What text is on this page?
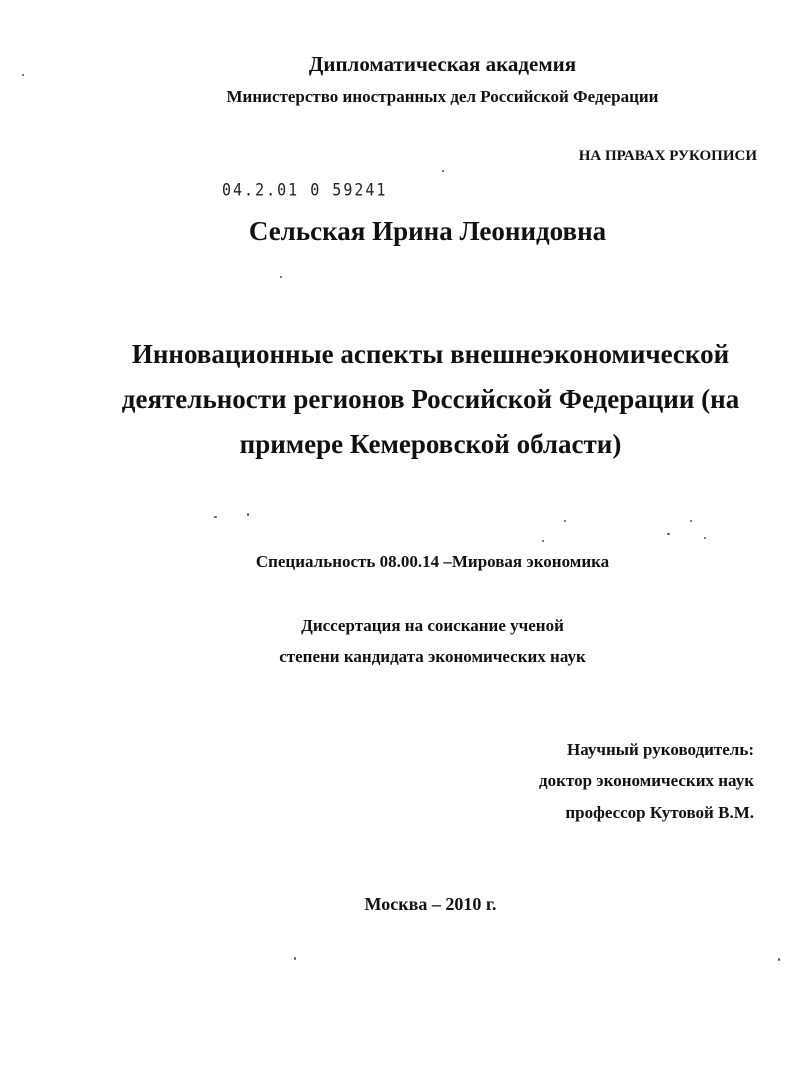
Дипломатическая академия

Министерство иностранных дел Российской Федерации

НА ПРАВАХ РУКОПИСИ

04.2.01 0 59241

Сельская Ирина Леонидовна

Инновационные аспекты внешнеэкономической
деятельности регионов Российской Федерации (на
примере Кемеровской области)

Специальность 08.00.14 –Мировая экономика

Диссертация на соискание ученой

степени кандидата экономических наук

Научный руководитель:

доктор экономических наук

профессор Кутовой В.М.

Москва – 2010 г.
